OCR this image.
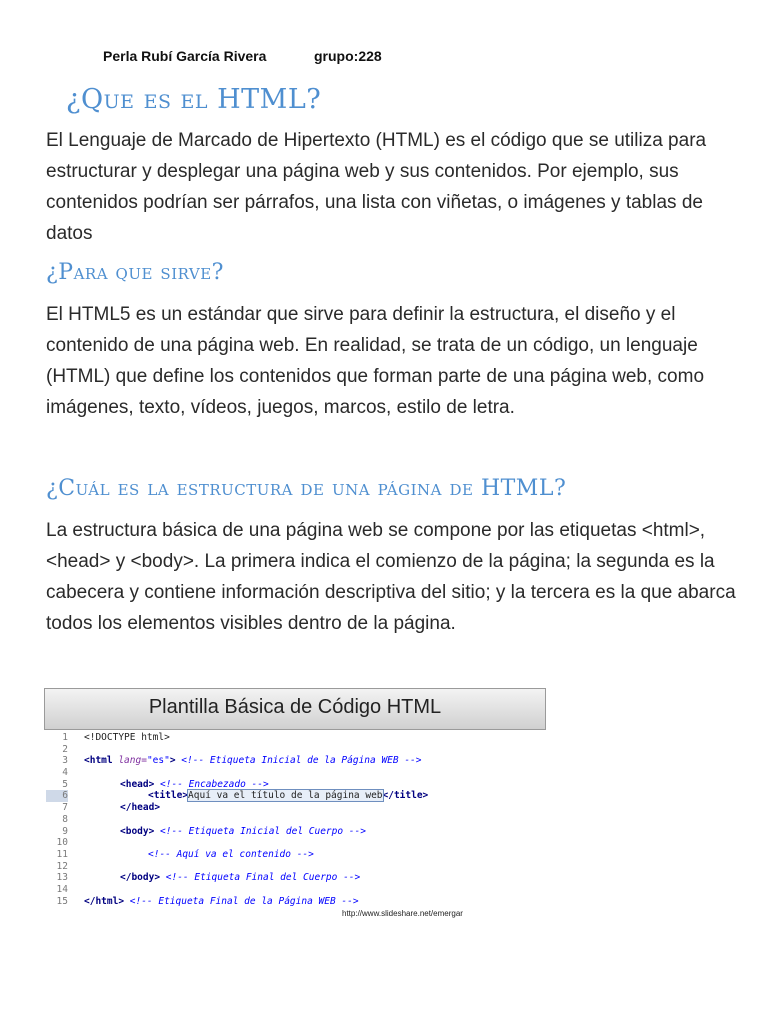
Perla Rubí García Rivera	grupo:228
¿Que es el HTML?

El Lenguaje de Marcado de Hipertexto (HTML) es el código que se utiliza para estructurar y desplegar una página web y sus contenidos. Por ejemplo, sus contenidos podrían ser párrafos, una lista con viñetas, o imágenes y tablas de datos

¿Para que sirve?

El HTML5 es un estándar que sirve para definir la estructura, el diseño y el contenido de una página web. En realidad, se trata de un código, un lenguaje (HTML) que define los contenidos que forman parte de una página web, como imágenes, texto, vídeos, juegos, marcos, estilo de letra.

¿Cuál es la estructura de una página de HTML?

La estructura básica de una página web se compone por las etiquetas <html>, <head> y <body>. La primera indica el comienzo de la página; la segunda es la cabecera y contiene información descriptiva del sitio; y la tercera es la que abarca todos los elementos visibles dentro de la página.

Plantilla Básica de Código HTML
1 <!DOCTYPE html>
2
3 <html lang="es"> <!-- Etiqueta Inicial de la Página WEB -->
4
5	<head> <!-- Encabezado -->
6	<title>Aquí va el título de la página web</title>
7	</head>
8
9	<body> <!-- Etiqueta Inicial del Cuerpo -->
10
11	<!-- Aquí va el contenido -->
12
13	</body> <!-- Etiqueta Final del Cuerpo -->
14
15 </html> <!-- Etiqueta Final de la Página WEB -->
http://www.slideshare.net/emergar
